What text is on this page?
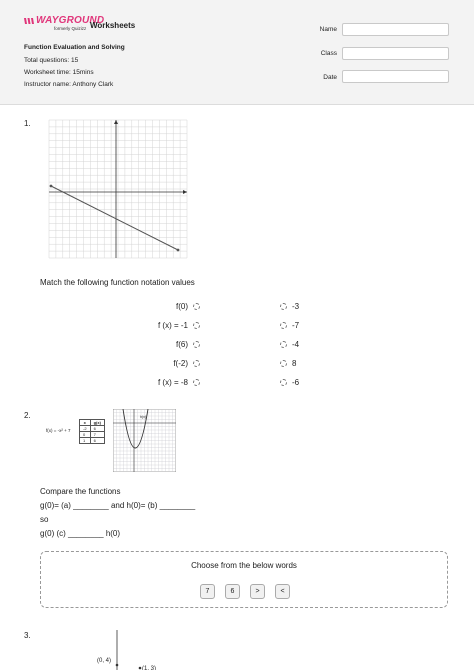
WAYGROUND
formerly Quizizz Worksheets
Function Evaluation and Solving
Total questions: 15
Worksheet time: 15mins
Instructor name: Anthony Clark
Name
Class
Date
1.
Match the following function notation values
f(0)	-3
f (x) = -1	-7
f(6)	-4
f(-2)	8
f (x) = -8	-6
2.
f(x) = -x² + 7
x	g(x)
-2	6
0	7
1	6
h(x)
Compare the functions
g(0)= (a) ________ and h(0)= (b) ________
so
g(0) (c) ________ h(0)
Choose from the below words
7	6	>	<
3.
(0, 4)
(1, 3)
